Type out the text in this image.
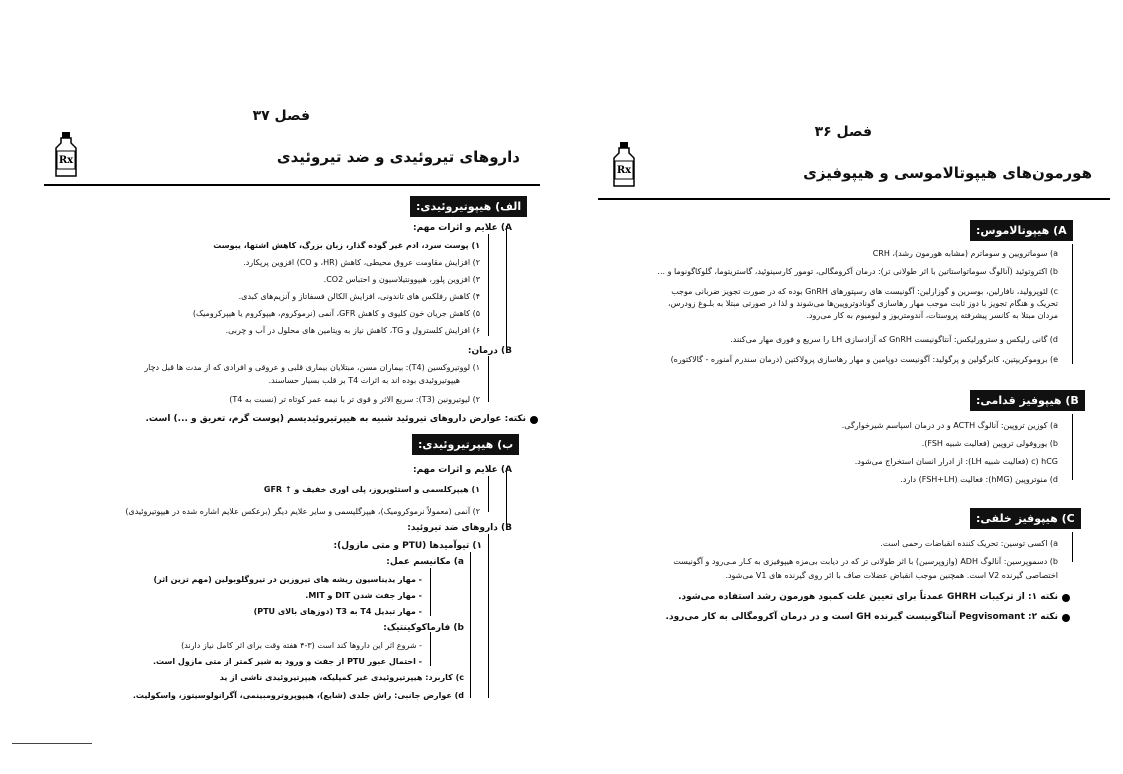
فصل ۳۷
داروهای تیروئیدی و ضد تیروئیدی
Rx
الف) هیپوتیروئیدی:
A) علایم و اثرات مهم:
۱) پوست سرد، ادم غیر گوده گذار، زبان بزرگ، کاهش اشتها، یبوست
۲) افزایش مقاومت عروق محیطی، کاهش (HR، و CO) افزوین پرپکارد.
۳) افزوین پلور، هیپوونتیلاسیون و احتباس CO2.
۴) کاهش رفلکس های تاندونی، افزایش الکالن فسفاتاز و آنزیم‌های کبدی.
۵) کاهش جریان خون کلیوی و کاهش GFR، آنمی (نرموکروم، هیپوکروم یا هیپرکرومیک)
۶) افزایش کلسترول و TG، کاهش نیاز به ویتامین های محلول در آب و چربی.
B) درمان:
۱) لووتیروکسین (T4): بیماران مسن، مبتلایان بیماری قلبی و عروقی و افرادی که از مدت ها قبل دچار
هیپوتیروئیدی بوده اند به اثرات T4 بر قلب بسیار حساسند.
۲) لیوتیرونین (T3): سریع الاثر و قوی تر با نیمه عمر کوتاه تر (نسبت به T4)
نکته: عوارض داروهای تیروئید شبیه به هیپرتیروئیدیسم (پوست گرم، تعریق و ...) است.
ب) هیپرتیروئیدی:
A) علایم و اثرات مهم:
۱) هیپرکلسمی و استئوپروز، پلی اوری خفیف و ↑ GFR
۲) آنمی (معمولاً نرموکرومیک)، هیپرگلیسمی و سایر علایم دیگر (برعکس علایم اشاره شده در هیپوتیروئیدی)
B) داروهای ضد تیروئید:
۱) تیوآمیدها (PTU و متی مازول):
a) مکانیسم عمل:
- مهار یدیناسیون ریشه های تیروزین در تیروگلوبولین (مهم ترین اثر)
- مهار جفت شدن DIT و MIT.
- مهار تبدیل T4 به T3 (دوزهای بالای PTU)
b) فارماکوکینتیک:
- شروع اثر این داروها کند است (۳-۴ هفته وقت برای اثر کامل نیاز دارند)
- احتمال عبور PTU از جفت و ورود به شیر کمتر از متی مازول است.
c) کاربرد: هیپرتیروئیدی غیر کمپلیکه، هیپرتیروئیدی ناشی از ید
d) عوارض جانبی: راش جلدی (شایع)، هیپوپروترومبینمی، آگرانولوسیتوز، واسکولیت.
فصل ۳۶
هورمون‌های هیپوتالاموسی و هیپوفیزی
Rx
A) هیپوتالاموس:
a) سوماترویین و سوماترم (مشابه هورمون رشد)، CRH
b) اکتروتوئید (آنالوگ سوماتواستاتین با اثر طولانی تر): درمان آکرومگالی، تومور کارسینوئید، گاستریتوما، گلوکاگونوما و ...
c) لئوپرولید، نافارلین، بوسرین و گوزارلین: آگونیست های رسپتورهای GnRH بوده که در صورت تجویز ضربانی موجب
تحریک و هنگام تجویز با دوز ثابت موجب مهار رهاسازی گونادوتروپین‌ها می‌شوند و لذا در صورتی مبتلا به بلـوغ زودرس،
مردان مبتلا به کانسر پیشرفته پروستات، آندومتریوز و لیومیوم به کار می‌رود.
d) گانی رلیکس و سترورلیکس: آنتاگونیست GnRH که آزادسازی LH را سریع و فوری مهار می‌کنند.
e) بروموکریپتین، کابرگولین و پرگولید: آگونیست دوپامین و مهار رهاسازی پرولاکتین (درمان سندرم آمنوره - گالاکتوره)
B) هیپوفیز قدامی:
a) کوزین تروپین: آنالوگ ACTH و در درمان اسپاسم شیرخوارگی.
b) یوروفولی تروپین (فعالیت شبیه FSH).
c) hCG (فعالیت شبیه LH): از ادرار انسان استخراج می‌شود.
d) منوتروپین (hMG): فعالیت (FSH+LH) دارد.
C) هیپوفیز خلفی:
a) اکسی توسین: تحریک کننده انقباضات رحمی است.
b) دسموپرسین: آنالوگ ADH (وازوپرسین) با اثر طولانی تر که در دیابت بی‌مزه هیپوفیزی به کـار مـی‌رود و آگونیست
اختصاصی گیرنده V2 است. همچنین موجب انقباض عضلات صاف با اثر روی گیرنده های V1 می‌شود.
نکته ۱: از ترکیبات GHRH عمدتاً برای تعیین علت کمبود هورمون رشد استفاده می‌شود.
نکته ۲: Pegvisomant آنتاگونیست گیرنده GH است و در درمان آکرومگالی به کار می‌رود.
